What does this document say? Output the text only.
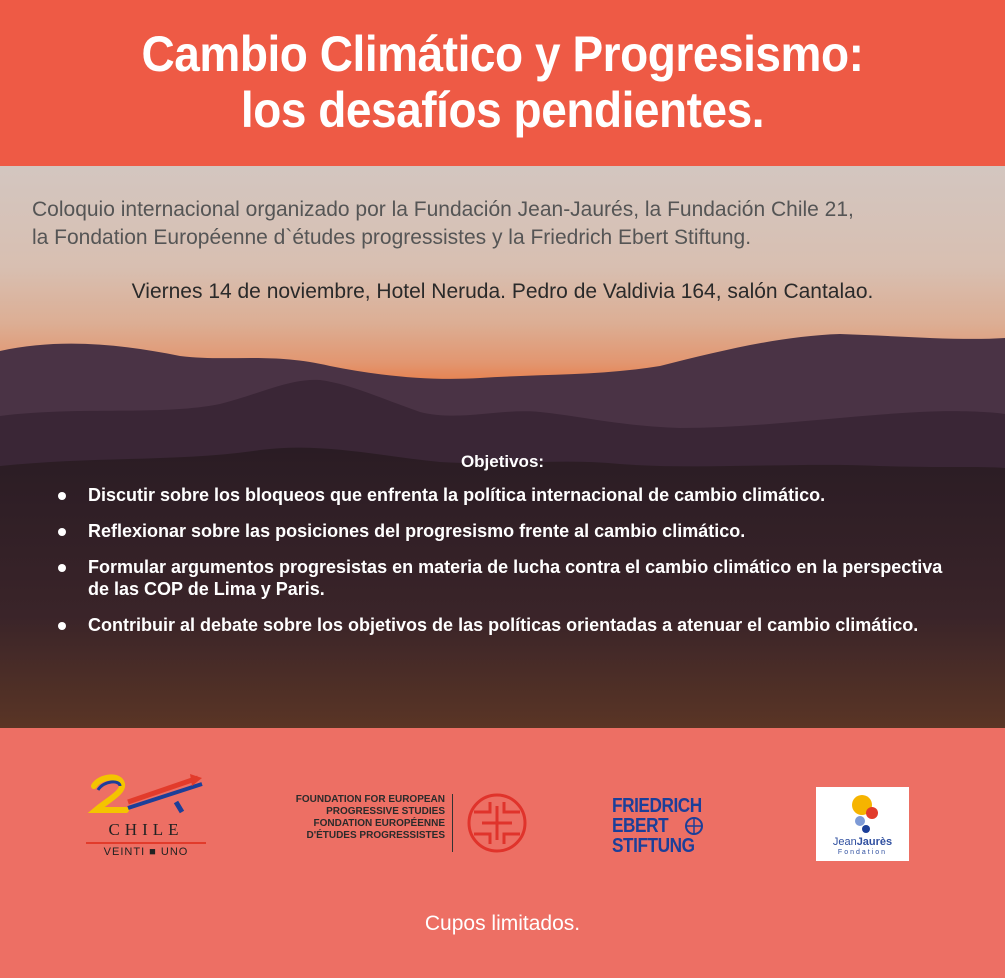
Cambio Climático y Progresismo:
los desafíos pendientes.
Coloquio internacional organizado por la Fundación Jean-Jaurés, la Fundación Chile 21,
la Fondation Européenne d`études progressistes y la Friedrich Ebert Stiftung.
Viernes 14 de noviembre, Hotel Neruda. Pedro de Valdivia 164, salón Cantalao.
Objetivos:
Discutir sobre los bloqueos que enfrenta la política internacional de cambio climático.
Reflexionar sobre las posiciones del progresismo frente al cambio climático.
Formular argumentos progresistas en materia de lucha contra el cambio climático en la perspectiva de las COP de Lima y Paris.
Contribuir al debate sobre los objetivos de las políticas orientadas a atenuar el cambio climático.
CHILE
VEINTI ■ UNO
FOUNDATION FOR EUROPEAN
PROGRESSIVE STUDIES
FONDATION EUROPÉENNE
D'ÉTUDES PROGRESSISTES
FRIEDRICH
EBERT
STIFTUNG	JeanJaurès
Fondation
Cupos limitados.
